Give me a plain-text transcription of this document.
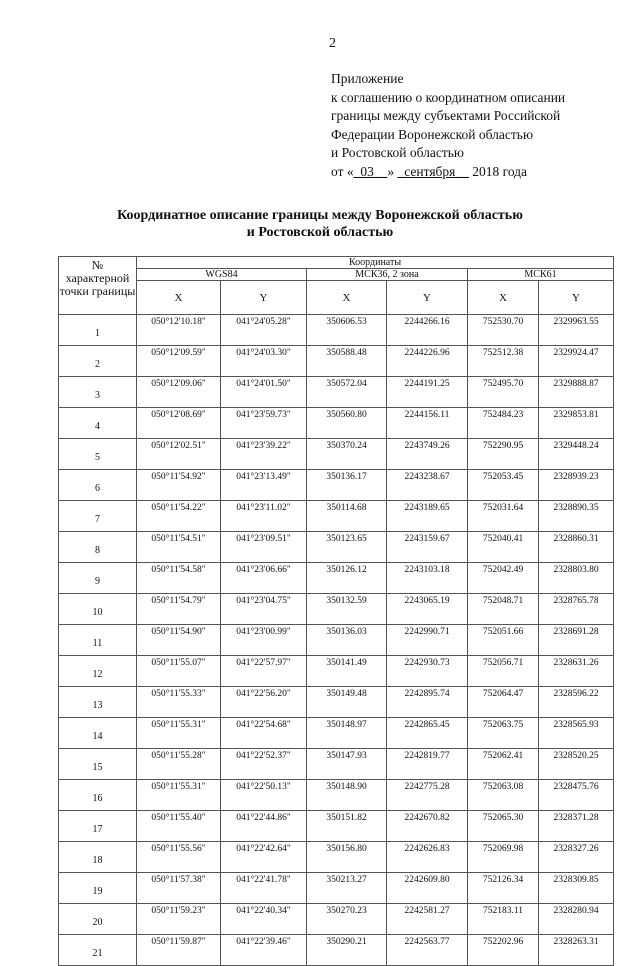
2
Приложение
к соглашению о координатном описании
границы между субъектами Российской
Федерации Воронежской областью
и Ростовской областью
от «_03__» _сентября__ 2018 года
Координатное описание границы между Воронежской областью
и Ростовской областью
№ характерной точки границы	Координаты					
	WGS84		МСК36, 2 зона		МСК61	
	X	Y	X	Y	X	Y
1	050°12'10.18"	041°24'05.28"	350606.53	2244266.16	752530.70	2329963.55
2	050°12'09.59"	041°24'03.30"	350588.48	2244226.96	752512.38	2329924.47
3	050°12'09.06"	041°24'01.50"	350572.04	2244191.25	752495.70	2329888.87
4	050°12'08.69"	041°23'59.73"	350560.80	2244156.11	752484.23	2329853.81
5	050°12'02.51"	041°23'39.22"	350370.24	2243749.26	752290.95	2329448.24
6	050°11'54.92"	041°23'13.49"	350136.17	2243238.67	752053.45	2328939.23
7	050°11'54.22"	041°23'11.02"	350114.68	2243189.65	752031.64	2328890.35
8	050°11'54.51"	041°23'09.51"	350123.65	2243159.67	752040.41	2328860.31
9	050°11'54.58"	041°23'06.66"	350126.12	2243103.18	752042.49	2328803.80
10	050°11'54.79"	041°23'04.75"	350132.59	2243065.19	752048.71	2328765.78
11	050°11'54.90"	041°23'00.99"	350136.03	2242990.71	752051.66	2328691.28
12	050°11'55.07"	041°22'57.97"	350141.49	2242930.73	752056.71	2328631.26
13	050°11'55.33"	041°22'56.20"	350149.48	2242895.74	752064.47	2328596.22
14	050°11'55.31"	041°22'54.68"	350148.97	2242865.45	752063.75	2328565.93
15	050°11'55.28"	041°22'52.37"	350147.93	2242819.77	752062.41	2328520.25
16	050°11'55.31"	041°22'50.13"	350148.90	2242775.28	752063.08	2328475.76
17	050°11'55.40"	041°22'44.86"	350151.82	2242670.82	752065.30	2328371.28
18	050°11'55.56"	041°22'42.64"	350156.80	2242626.83	752069.98	2328327.26
19	050°11'57.38"	041°22'41.78"	350213.27	2242609.80	752126.34	2328309.85
20	050°11'59.23"	041°22'40.34"	350270.23	2242581.27	752183.11	2328280.94
21	050°11'59.87"	041°22'39.46"	350290.21	2242563.77	752202.96	2328263.31
